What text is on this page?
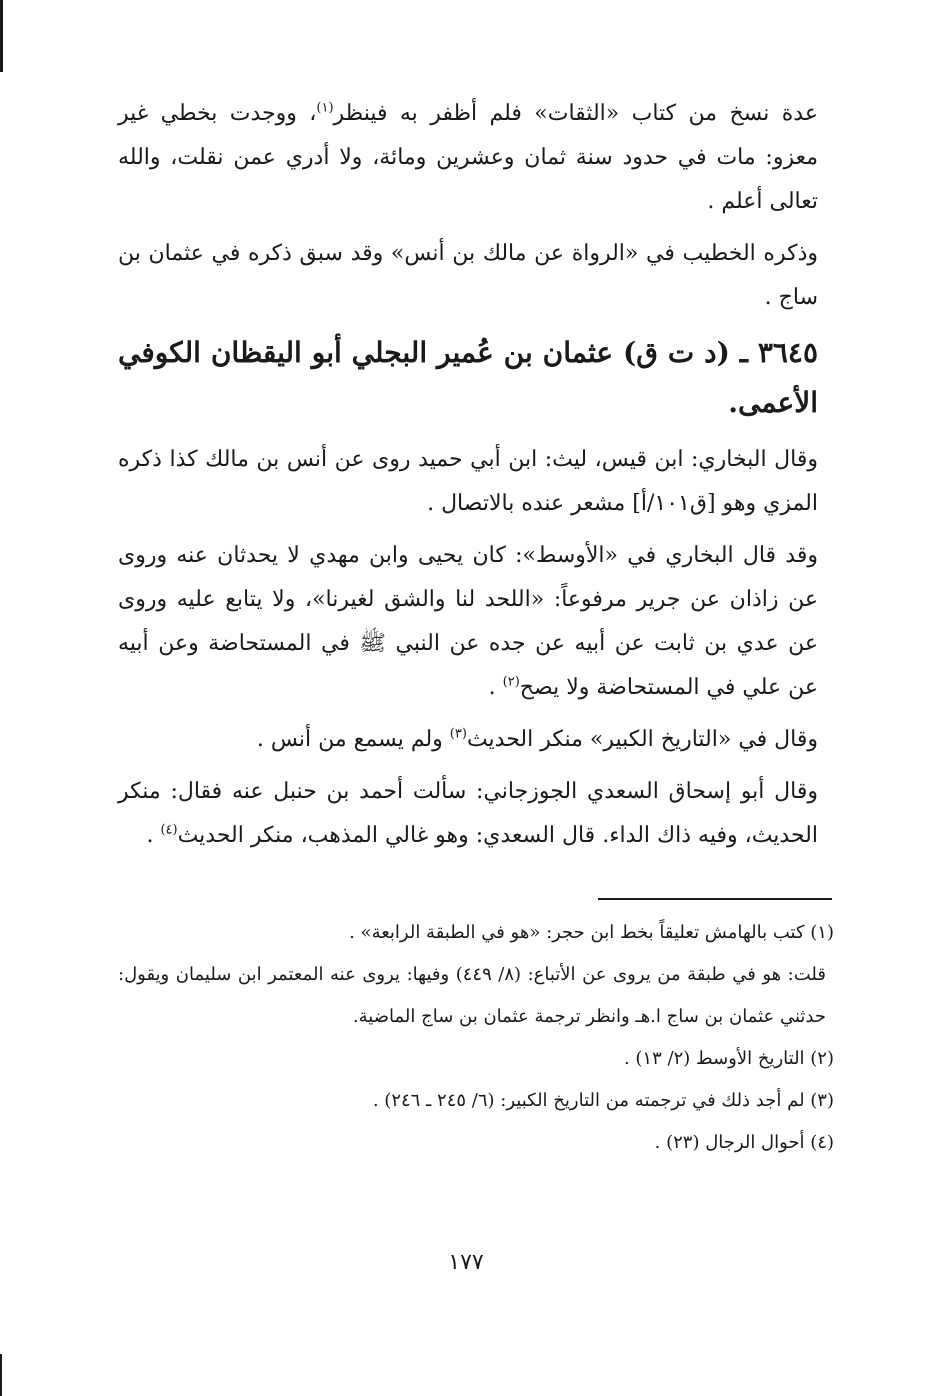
عدة نسخ من كتاب «الثقات» فلم أظفر به فينظر$^{(١)}$، ووجدت بخطي غير معزو: مات في حدود سنة ثمان وعشرين ومائة، ولا أدري عمن نقلت، والله تعالى أعلم .

وذكره الخطيب في «الرواة عن مالك بن أنس» وقد سبق ذكره في عثمان بن ساج .

٣٦٤٥ ـ (د ت ق) عثمان بن عُمير البجلي أبو اليقظان الكوفي الأعمى.

وقال البخاري: ابن قيس، ليث: ابن أبي حميد روى عن أنس بن مالك كذا ذكره المزي وهو [ق١٠١/أ] مشعر عنده بالاتصال .

وقد قال البخاري في «الأوسط»: كان يحيى وابن مهدي لا يحدثان عنه وروى عن زاذان عن جرير مرفوعاً: «اللحد لنا والشق لغيرنا»، ولا يتابع عليه وروى عن عدي بن ثابت عن أبيه عن جده عن النبي ﷺ في المستحاضة وعن أبيه عن علي في المستحاضة ولا يصح$^{(٢)}$ .

وقال في «التاريخ الكبير» منكر الحديث$^{(٣)}$ ولم يسمع من أنس .

وقال أبو إسحاق السعدي الجوزجاني: سألت أحمد بن حنبل عنه فقال: منكر الحديث، وفيه ذاك الداء. قال السعدي: وهو غالي المذهب، منكر الحديث$^{(٤)}$ .

(١) كتب بالهامش تعليقاً بخط ابن حجر: «هو في الطبقة الرابعة» .

قلت: هو في طبقة من يروى عن الأتباع: (٨/ ٤٤٩) وفيها: يروى عنه المعتمر ابن سليمان ويقول: حدثني عثمان بن ساج ا.هـ وانظر ترجمة عثمان بن ساج الماضية.

(٢) التاريخ الأوسط (٢/ ١٣) .

(٣) لم أجد ذلك في ترجمته من التاريخ الكبير: (٦/ ٢٤٥ ـ ٢٤٦) .

(٤) أحوال الرجال (٢٣) .

١٧٧
